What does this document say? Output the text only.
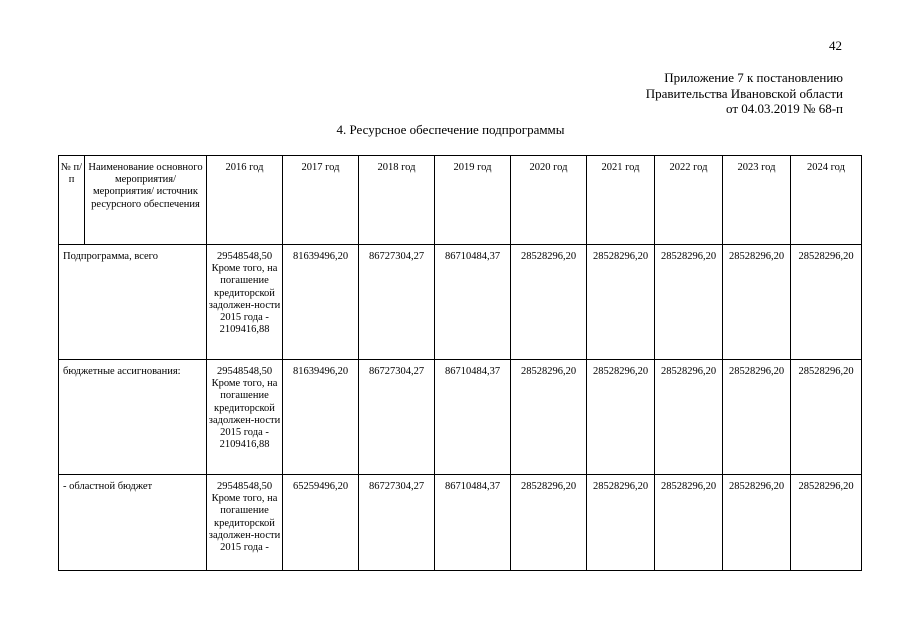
42
Приложение 7 к постановлению
Правительства Ивановской области
от 04.03.2019 № 68-п
4. Ресурсное обеспечение подпрограммы
№ п/п	Наименование основного мероприятия/ мероприятия/ источник ресурсного обеспечения	2016 год	2017 год	2018 год	2019 год	2020 год	2021 год	2022 год	2023 год	2024 год
Подпрограмма, всего		29548548,50 Кроме того, на погашение кредиторской задолжен-ности 2015 года - 2109416,88	81639496,20	86727304,27	86710484,37	28528296,20	28528296,20	28528296,20	28528296,20	28528296,20
бюджетные ассигнования:		29548548,50 Кроме того, на погашение кредиторской задолжен-ности 2015 года - 2109416,88	81639496,20	86727304,27	86710484,37	28528296,20	28528296,20	28528296,20	28528296,20	28528296,20
- областной бюджет		29548548,50 Кроме того, на погашение кредиторской задолжен-ности 2015 года -	65259496,20	86727304,27	86710484,37	28528296,20	28528296,20	28528296,20	28528296,20	28528296,20
